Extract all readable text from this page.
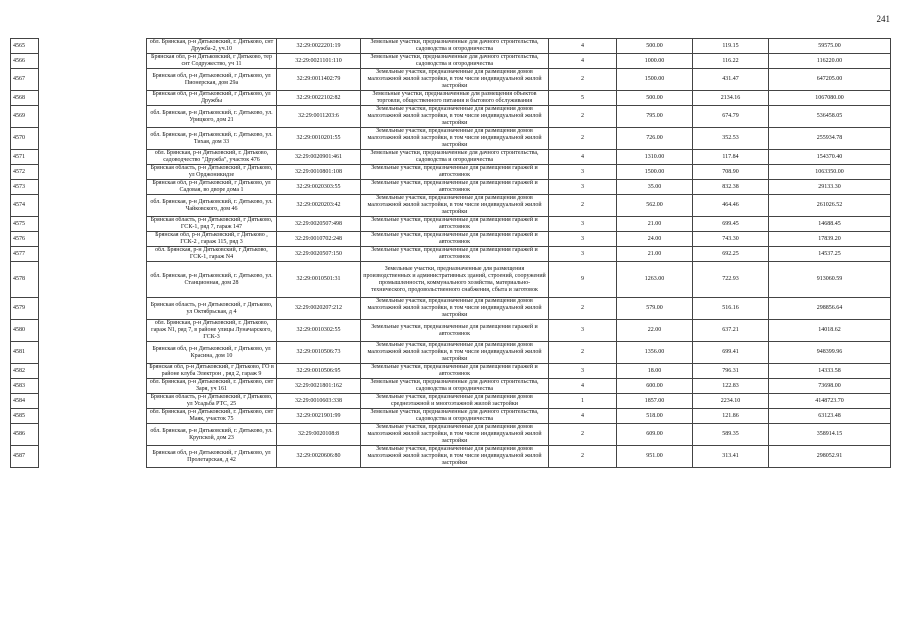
241
4565		обл. Брянская, р-н Дятьковский, г. Дятьково, снт Дружба-2, уч.10	32:29:0022201:19	Земельные участки, предназначенные для дачного строительства, садоводства и огородничества	4	500.00	119.15	59575.00
4566		Брянская обл, р-н Дятьковский, г Дятьково, тер снт Содружество, уч 11	32:29:0021101:110	Земельные участки, предназначенные для дачного строительства, садоводства и огородничества	4	1000.00	116.22	116220.00
4567		Брянская обл, р-н Дятьковский, г Дятьково, ул Пионерская, дом 29а	32:29:0011402:79	Земельные участки, предназначенные для размещения домов малоэтажной жилой застройки, в том числе индивидуальной жилой застройки	2	1500.00	431.47	647205.00
4568		Брянская обл, р-н Дятьковский, г Дятьково, ул Дружбы	32:29:0022102:82	Земельные участки, предназначенные для размещения объектов торговли, общественного питания и бытового обслуживания	5	500.00	2134.16	1067080.00
4569		обл. Брянская, р-н Дятьковский, г. Дятьково, ул. Урицкого, дом 21	32:29:0011203:6	Земельные участки, предназначенные для размещения домов малоэтажной жилой застройки, в том числе индивидуальной жилой застройки	2	795.00	674.79	536458.05
4570		обл. Брянская, р-н Дятьковский, г. Дятьково, ул. Тихая, дом 33	32:29:0010201:55	Земельные участки, предназначенные для размещения домов малоэтажной жилой застройки, в том числе индивидуальной жилой застройки	2	726.00	352.53	255934.78
4571		обл. Брянская, р-н Дятьковский, г. Дятьково, садоводчество "Дружба", участок 476	32:29:0020901:461	Земельные участки, предназначенные для дачного строительства, садоводства и огородничества	4	1310.00	117.84	154370.40
4572		Брянская область, р-н Дятьковский, г Дятьково, ул Орджоникидзе	32:29:0010801:108	Земельные участки, предназначенные для размещения гаражей и автостоянок	3	1500.00	708.90	1063350.00
4573		Брянская обл, р-н Дятьковский, г Дятьково, ул Садовая, во дворе дома 1	32:29:0020303:55	Земельные участки, предназначенные для размещения гаражей и автостоянок	3	35.00	832.38	29133.30
4574		обл. Брянская, р-н Дятьковский, г. Дятьково, ул. Чайковского, дом 46	32:29:0020203:42	Земельные участки, предназначенные для размещения домов малоэтажной жилой застройки, в том числе индивидуальной жилой застройки	2	562.00	464.46	261026.52
4575		Брянская область, р-н Дятьковский, г Дятьково, ГСК-1, ряд 7, гараж 147	32:29:0020507:498	Земельные участки, предназначенные для размещения гаражей и автостоянок	3	21.00	699.45	14688.45
4576		Брянская обл, р-н Дятьковский, г Дятьково , ГСК-2 , гараж 115, ряд 3	32:29:0010702:248	Земельные участки, предназначенные для размещения гаражей и автостоянок	3	24.00	743.30	17839.20
4577		обл. Брянская, р-н Дятьковский, г Дятьково, ГСК-1, гараж N4	32:29:0020507:150	Земельные участки, предназначенные для размещения гаражей и автостоянок	3	21.00	692.25	14537.25
4578		обл. Брянская, р-н Дятьковский, г. Дятьково, ул. Станционная, дом 28	32:29:0010501:31	Земельные участки, предназначенные для размещения производственных и административных зданий, строений, сооружений промышленности, коммунального хозяйства, материально-технического, продовольственного снабжения, сбыта и заготовок	9	1263.00	722.93	913060.59
4579		Брянская область, р-н Дятьковский, г Дятьково, ул Октябрьская, д 4	32:29:0020207:212	Земельные участки, предназначенные для размещения домов малоэтажной жилой застройки, в том числе индивидуальной жилой застройки	2	579.00	516.16	298856.64
4580		обл. Брянская, р-н Дятьковский, г. Дятьково, гараж N1, ряд 7, в районе улицы Луначарского, ГСК-3	32:29:0010302:55	Земельные участки, предназначенные для размещения гаражей и автостоянок	3	22.00	637.21	14018.62
4581		Брянская обл, р-н Дятьковский, г Дятьково, ул Красина, дом 10	32:29:0010506:73	Земельные участки, предназначенные для размещения домов малоэтажной жилой застройки, в том числе индивидуальной жилой застройки	2	1356.00	699.41	948399.96
4582		Брянская обл, р-н Дятьковский, г Дятьково, ГО в районе клуба Электрон , ряд 2, гараж 9	32:29:0010506:95	Земельные участки, предназначенные для размещения гаражей и автостоянок	3	18.00	796.31	14333.58
4583		обл. Брянская, р-н Дятьковский, г. Дятьково, снт Заря, уч 161	32:29:0021801:162	Земельные участки, предназначенные для дачного строительства, садоводства и огородничества	4	600.00	122.83	73698.00
4584		Брянская область, р-н Дятьковский, г Дятьково, ул Усадьба РТС, 25	32:29:0010603:338	Земельные участки, предназначенные для размещения домов среднеэтажной и многоэтажной жилой застройки	1	1857.00	2234.10	4148723.70
4585		обл. Брянская, р-н Дятьковский, г. Дятьково, снт Маяк, участок 75	32:29:0021901:99	Земельные участки, предназначенные для дачного строительства, садоводства и огородничества	4	518.00	121.86	63123.48
4586		обл. Брянская, р-н Дятьковский, г. Дятьково, ул. Крупской, дом 23	32:29:0020108:8	Земельные участки, предназначенные для размещения домов малоэтажной жилой застройки, в том числе индивидуальной жилой застройки	2	609.00	589.35	358914.15
4587		Брянская обл, р-н Дятьковский, г Дятьково, ул Пролетарская, д 42	32:29:0020606:80	Земельные участки, предназначенные для размещения домов малоэтажной жилой застройки, в том числе индивидуальной жилой застройки	2	951.00	313.41	298052.91
